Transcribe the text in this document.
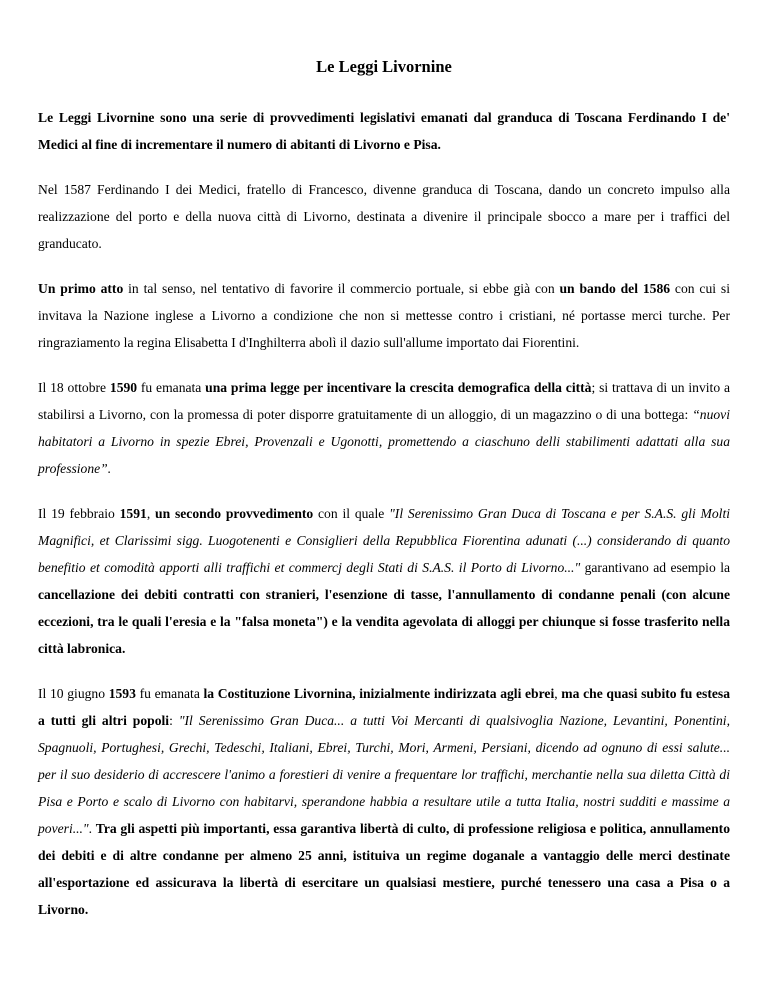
Le Leggi Livornine

Le Leggi Livornine sono una serie di provvedimenti legislativi emanati dal granduca di Toscana Ferdinando I de' Medici al fine di incrementare il numero di abitanti di Livorno e Pisa.

Nel 1587 Ferdinando I dei Medici, fratello di Francesco, divenne granduca di Toscana, dando un concreto impulso alla realizzazione del porto e della nuova città di Livorno, destinata a divenire il principale sbocco a mare per i traffici del granducato.

Un primo atto in tal senso, nel tentativo di favorire il commercio portuale, si ebbe già con un bando del 1586 con cui si invitava la Nazione inglese a Livorno a condizione che non si mettesse contro i cristiani, né portasse merci turche. Per ringraziamento la regina Elisabetta I d'Inghilterra abolì il dazio sull'allume importato dai Fiorentini.

Il 18 ottobre 1590 fu emanata una prima legge per incentivare la crescita demografica della città; si trattava di un invito a stabilirsi a Livorno, con la promessa di poter disporre gratuitamente di un alloggio, di un magazzino o di una bottega: “nuovi habitatori a Livorno in spezie Ebrei, Provenzali e Ugonotti, promettendo a ciaschuno delli stabilimenti adattati alla sua professione”.

Il 19 febbraio 1591, un secondo provvedimento con il quale "Il Serenissimo Gran Duca di Toscana e per S.A.S. gli Molti Magnifici, et Clarissimi sigg. Luogotenenti e Consiglieri della Repubblica Fiorentina adunati (...) considerando di quanto benefitio et comodità apporti alli traffichi et commercj degli Stati di S.A.S. il Porto di Livorno..." garantivano ad esempio la cancellazione dei debiti contratti con stranieri, l'esenzione di tasse, l'annullamento di condanne penali (con alcune eccezioni, tra le quali l'eresia e la "falsa moneta") e la vendita agevolata di alloggi per chiunque si fosse trasferito nella città labronica.

Il 10 giugno 1593 fu emanata la Costituzione Livornina, inizialmente indirizzata agli ebrei, ma che quasi subito fu estesa a tutti gli altri popoli: "Il Serenissimo Gran Duca... a tutti Voi Mercanti di qualsivoglia Nazione, Levantini, Ponentini, Spagnuoli, Portughesi, Grechi, Tedeschi, Italiani, Ebrei, Turchi, Mori, Armeni, Persiani, dicendo ad ognuno di essi salute... per il suo desiderio di accrescere l'animo a forestieri di venire a frequentare lor traffichi, merchantie nella sua diletta Città di Pisa e Porto e scalo di Livorno con habitarvi, sperandone habbia a resultare utile a tutta Italia, nostri sudditi e massime a poveri...". Tra gli aspetti più importanti, essa garantiva libertà di culto, di professione religiosa e politica, annullamento dei debiti e di altre condanne per almeno 25 anni, istituiva un regime doganale a vantaggio delle merci destinate all'esportazione ed assicurava la libertà di esercitare un qualsiasi mestiere, purché tenessero una casa a Pisa o a Livorno.
